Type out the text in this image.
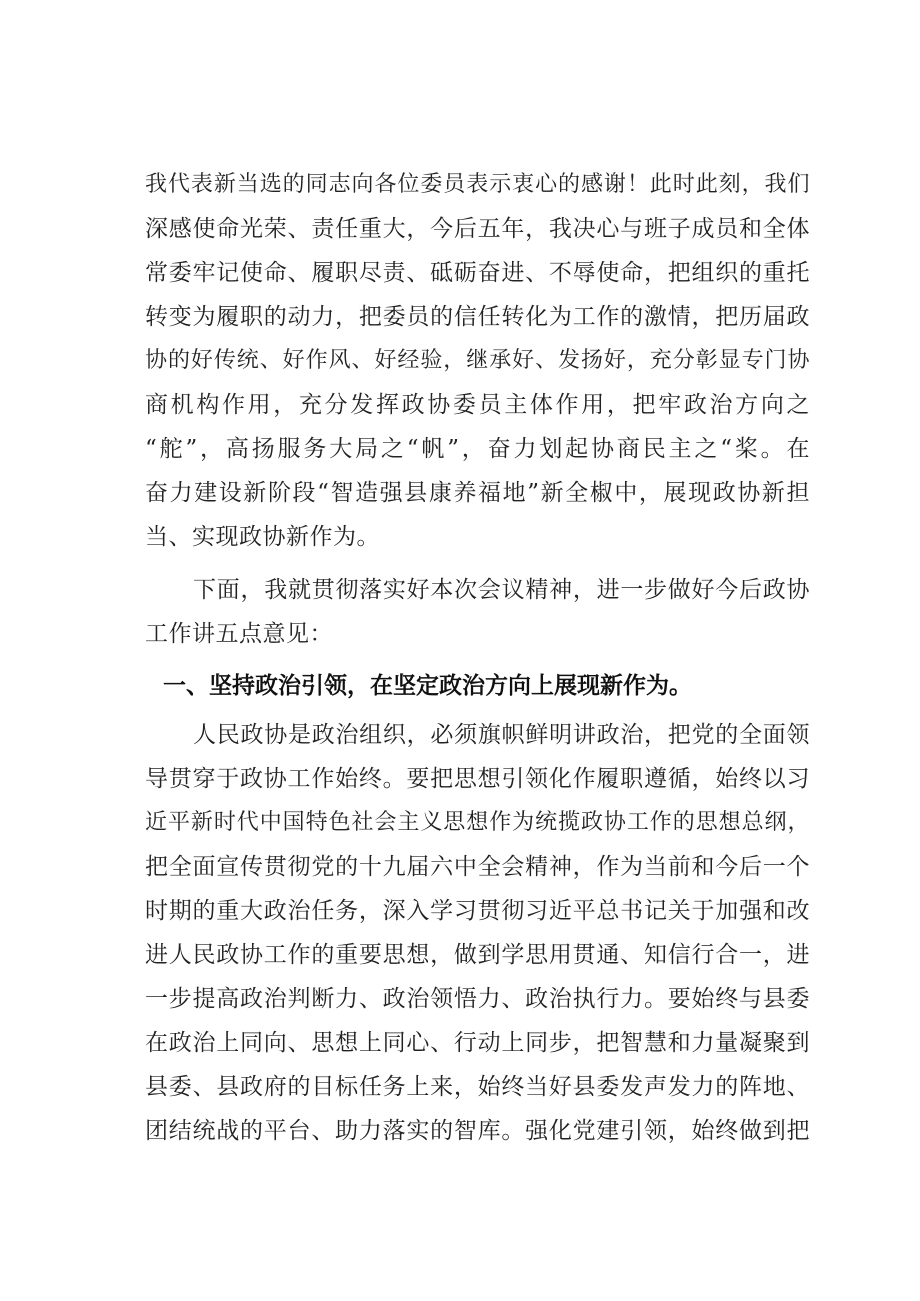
我代表新当选的同志向各位委员表示衷心的感谢！此时此刻，我们
深感使命光荣、责任重大，今后五年，我决心与班子成员和全体
常委牢记使命、履职尽责、砥砺奋进、不辱使命，把组织的重托
转变为履职的动力，把委员的信任转化为工作的激情，把历届政
协的好传统、好作风、好经验，继承好、发扬好，充分彰显专门协
商机构作用，充分发挥政协委员主体作用，把牢政治方向之
“舵”，高扬服务大局之“帆”，奋力划起协商民主之“桨。在
奋力建设新阶段“智造强县康养福地”新全椒中，展现政协新担
当、实现政协新作为。
下面，我就贯彻落实好本次会议精神，进一步做好今后政协
工作讲五点意见：
一、坚持政治引领，在坚定政治方向上展现新作为。
人民政协是政治组织，必须旗帜鲜明讲政治，把党的全面领
导贯穿于政协工作始终。要把思想引领化作履职遵循，始终以习
近平新时代中国特色社会主义思想作为统揽政协工作的思想总纲，
把全面宣传贯彻党的十九届六中全会精神，作为当前和今后一个
时期的重大政治任务，深入学习贯彻习近平总书记关于加强和改
进人民政协工作的重要思想，做到学思用贯通、知信行合一，进
一步提高政治判断力、政治领悟力、政治执行力。要始终与县委
在政治上同向、思想上同心、行动上同步，把智慧和力量凝聚到
县委、县政府的目标任务上来，始终当好县委发声发力的阵地、
团结统战的平台、助力落实的智库。强化党建引领，始终做到把
